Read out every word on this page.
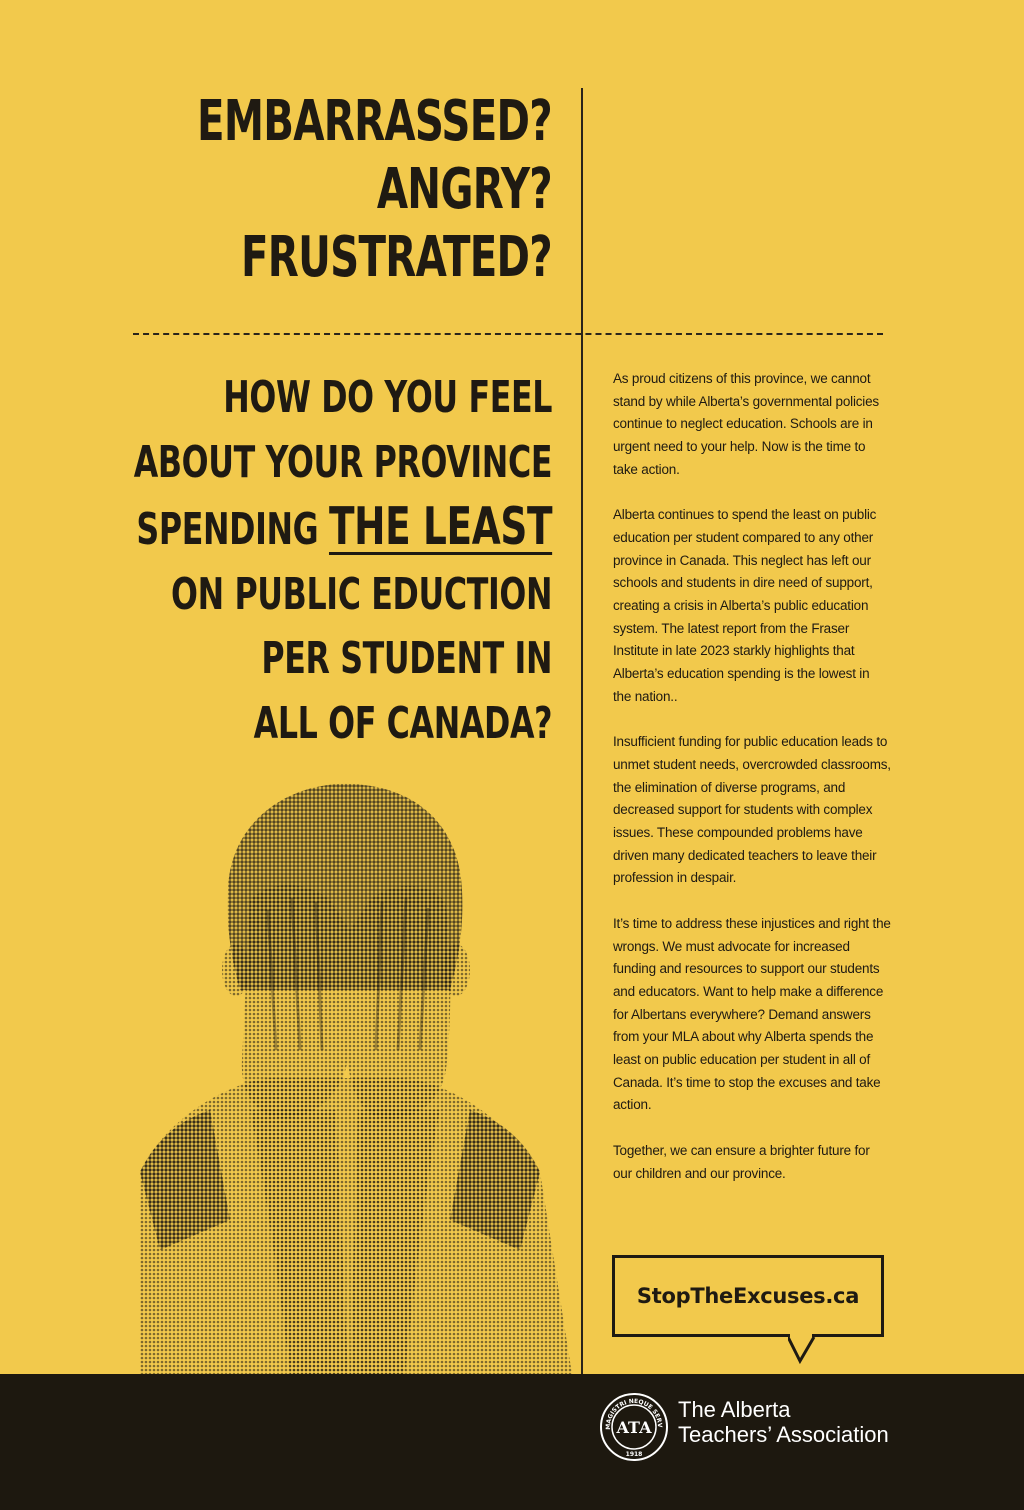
EMBARRASSED?
ANGRY?
FRUSTRATED?
HOW DO YOU FEEL
ABOUT YOUR PROVINCE
SPENDING THE LEAST
ON PUBLIC EDUCTION
PER STUDENT IN
ALL OF CANADA?

As proud citizens of this province, we cannot stand by while Alberta’s governmental policies continue to neglect education. Schools are in urgent need to your help. Now is the time to take action.

Alberta continues to spend the least on public education per student compared to any other province in Canada. This neglect has left our schools and students in dire need of support, creating a crisis in Alberta’s public education system. The latest report from the Fraser Institute in late 2023 starkly highlights that Alberta’s education spending is the lowest in the nation..

Insufficient funding for public education leads to unmet student needs, overcrowded classrooms, the elimination of diverse programs, and decreased support for students with complex issues. These compounded problems have driven many dedicated teachers to leave their profession in despair.

It’s time to address these injustices and right the wrongs. We must advocate for increased funding and resources to support our students and educators. Want to help make a difference for Albertans everywhere? Demand answers from your MLA about why Alberta spends the least on public education per student in all of Canada. It’s time to stop the excuses and take action.

Together, we can ensure a brighter future for our children and our province.

StopTheExcuses.ca
MAGISTRI NEQUE SERV
1918
ATA
The Alberta
Teachers’ Association
